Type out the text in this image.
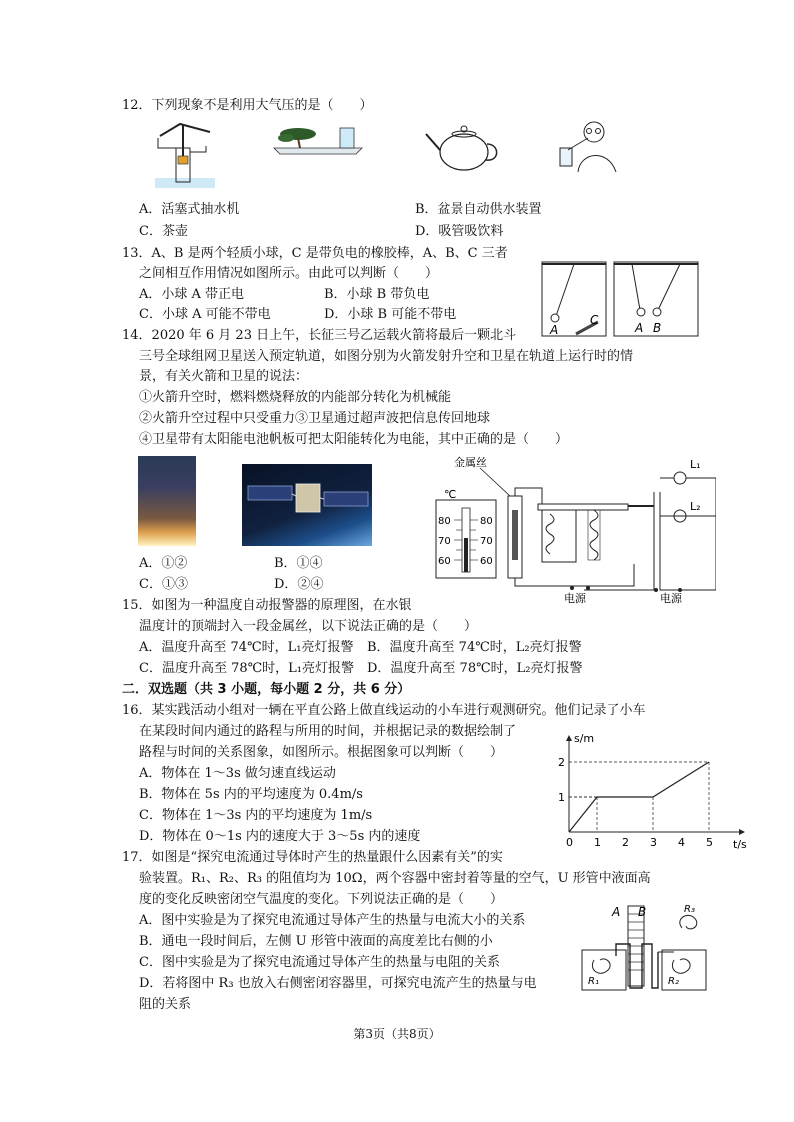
12．下列现象不是利用大气压的是（　　）
A．活塞式抽水机	B．盆景自动供水装置
C．茶壶	D．吸管吸饮料
13．A、B 是两个轻质小球，C 是带负电的橡胶棒，A、B、C 三者
之间相互作用情况如图所示。由此可以判断（　　）
A．小球 A 带正电	B．小球 B 带负电
C．小球 A 可能不带电	D．小球 B 可能不带电
A
C
A B
14．2020 年 6 月 23 日上午，长征三号乙运载火箭将最后一颗北斗
三号全球组网卫星送入预定轨道，如图分别为火箭发射升空和卫星在轨道上运行时的情
景，有关火箭和卫星的说法：
①火箭升空时，燃料燃烧释放的内能部分转化为机械能
②火箭升空过程中只受重力③卫星通过超声波把信息传回地球
④卫星带有太阳能电池帆板可把太阳能转化为电能，其中正确的是（　　）
A．①②	B．①④
C．①③	D．②④
金属丝
℃
80
70
60
80
70
60
L₁
L₂
电源	电源
15．如图为一种温度自动报警器的原理图，在水银
温度计的顶端封入一段金属丝，以下说法正确的是（　　）
A．温度升高至 74℃时，L₁亮灯报警 B．温度升高至 74℃时，L₂亮灯报警
C．温度升高至 78℃时，L₁亮灯报警 D．温度升高至 78℃时，L₂亮灯报警
二．双选题（共 3 小题，每小题 2 分，共 6 分）
16．某实践活动小组对一辆在平直公路上做直线运动的小车进行观测研究。他们记录了小车
在某段时间内通过的路程与所用的时间，并根据记录的数据绘制了
路程与时间的关系图象，如图所示。根据图象可以判断（　　）
A．物体在 1～3s 做匀速直线运动
B．物体在 5s 内的平均速度为 0.4m/s
C．物体在 1～3s 内的平均速度为 1m/s
D．物体在 0～1s 内的速度大于 3～5s 内的速度
s/m
t/s
0 1 2 3 4 5
1
2
17．如图是“探究电流通过导体时产生的热量跟什么因素有关”的实
验装置。R₁、R₂、R₃ 的阻值均为 10Ω，两个容器中密封着等量的空气，U 形管中液面高
度的变化反映密闭空气温度的变化。下列说法正确的是（　　）
A．图中实验是为了探究电流通过导体产生的热量与电流大小的关系
B．通电一段时间后，左侧 U 形管中液面的高度差比右侧的小
C．图中实验是为了探究电流通过导体产生的热量与电阻的关系
D．若将图中 R₃ 也放入右侧密闭容器里，可探究电流产生的热量与电
阻的关系
A B	R₃
R₁	R₂
第3页（共8页）
